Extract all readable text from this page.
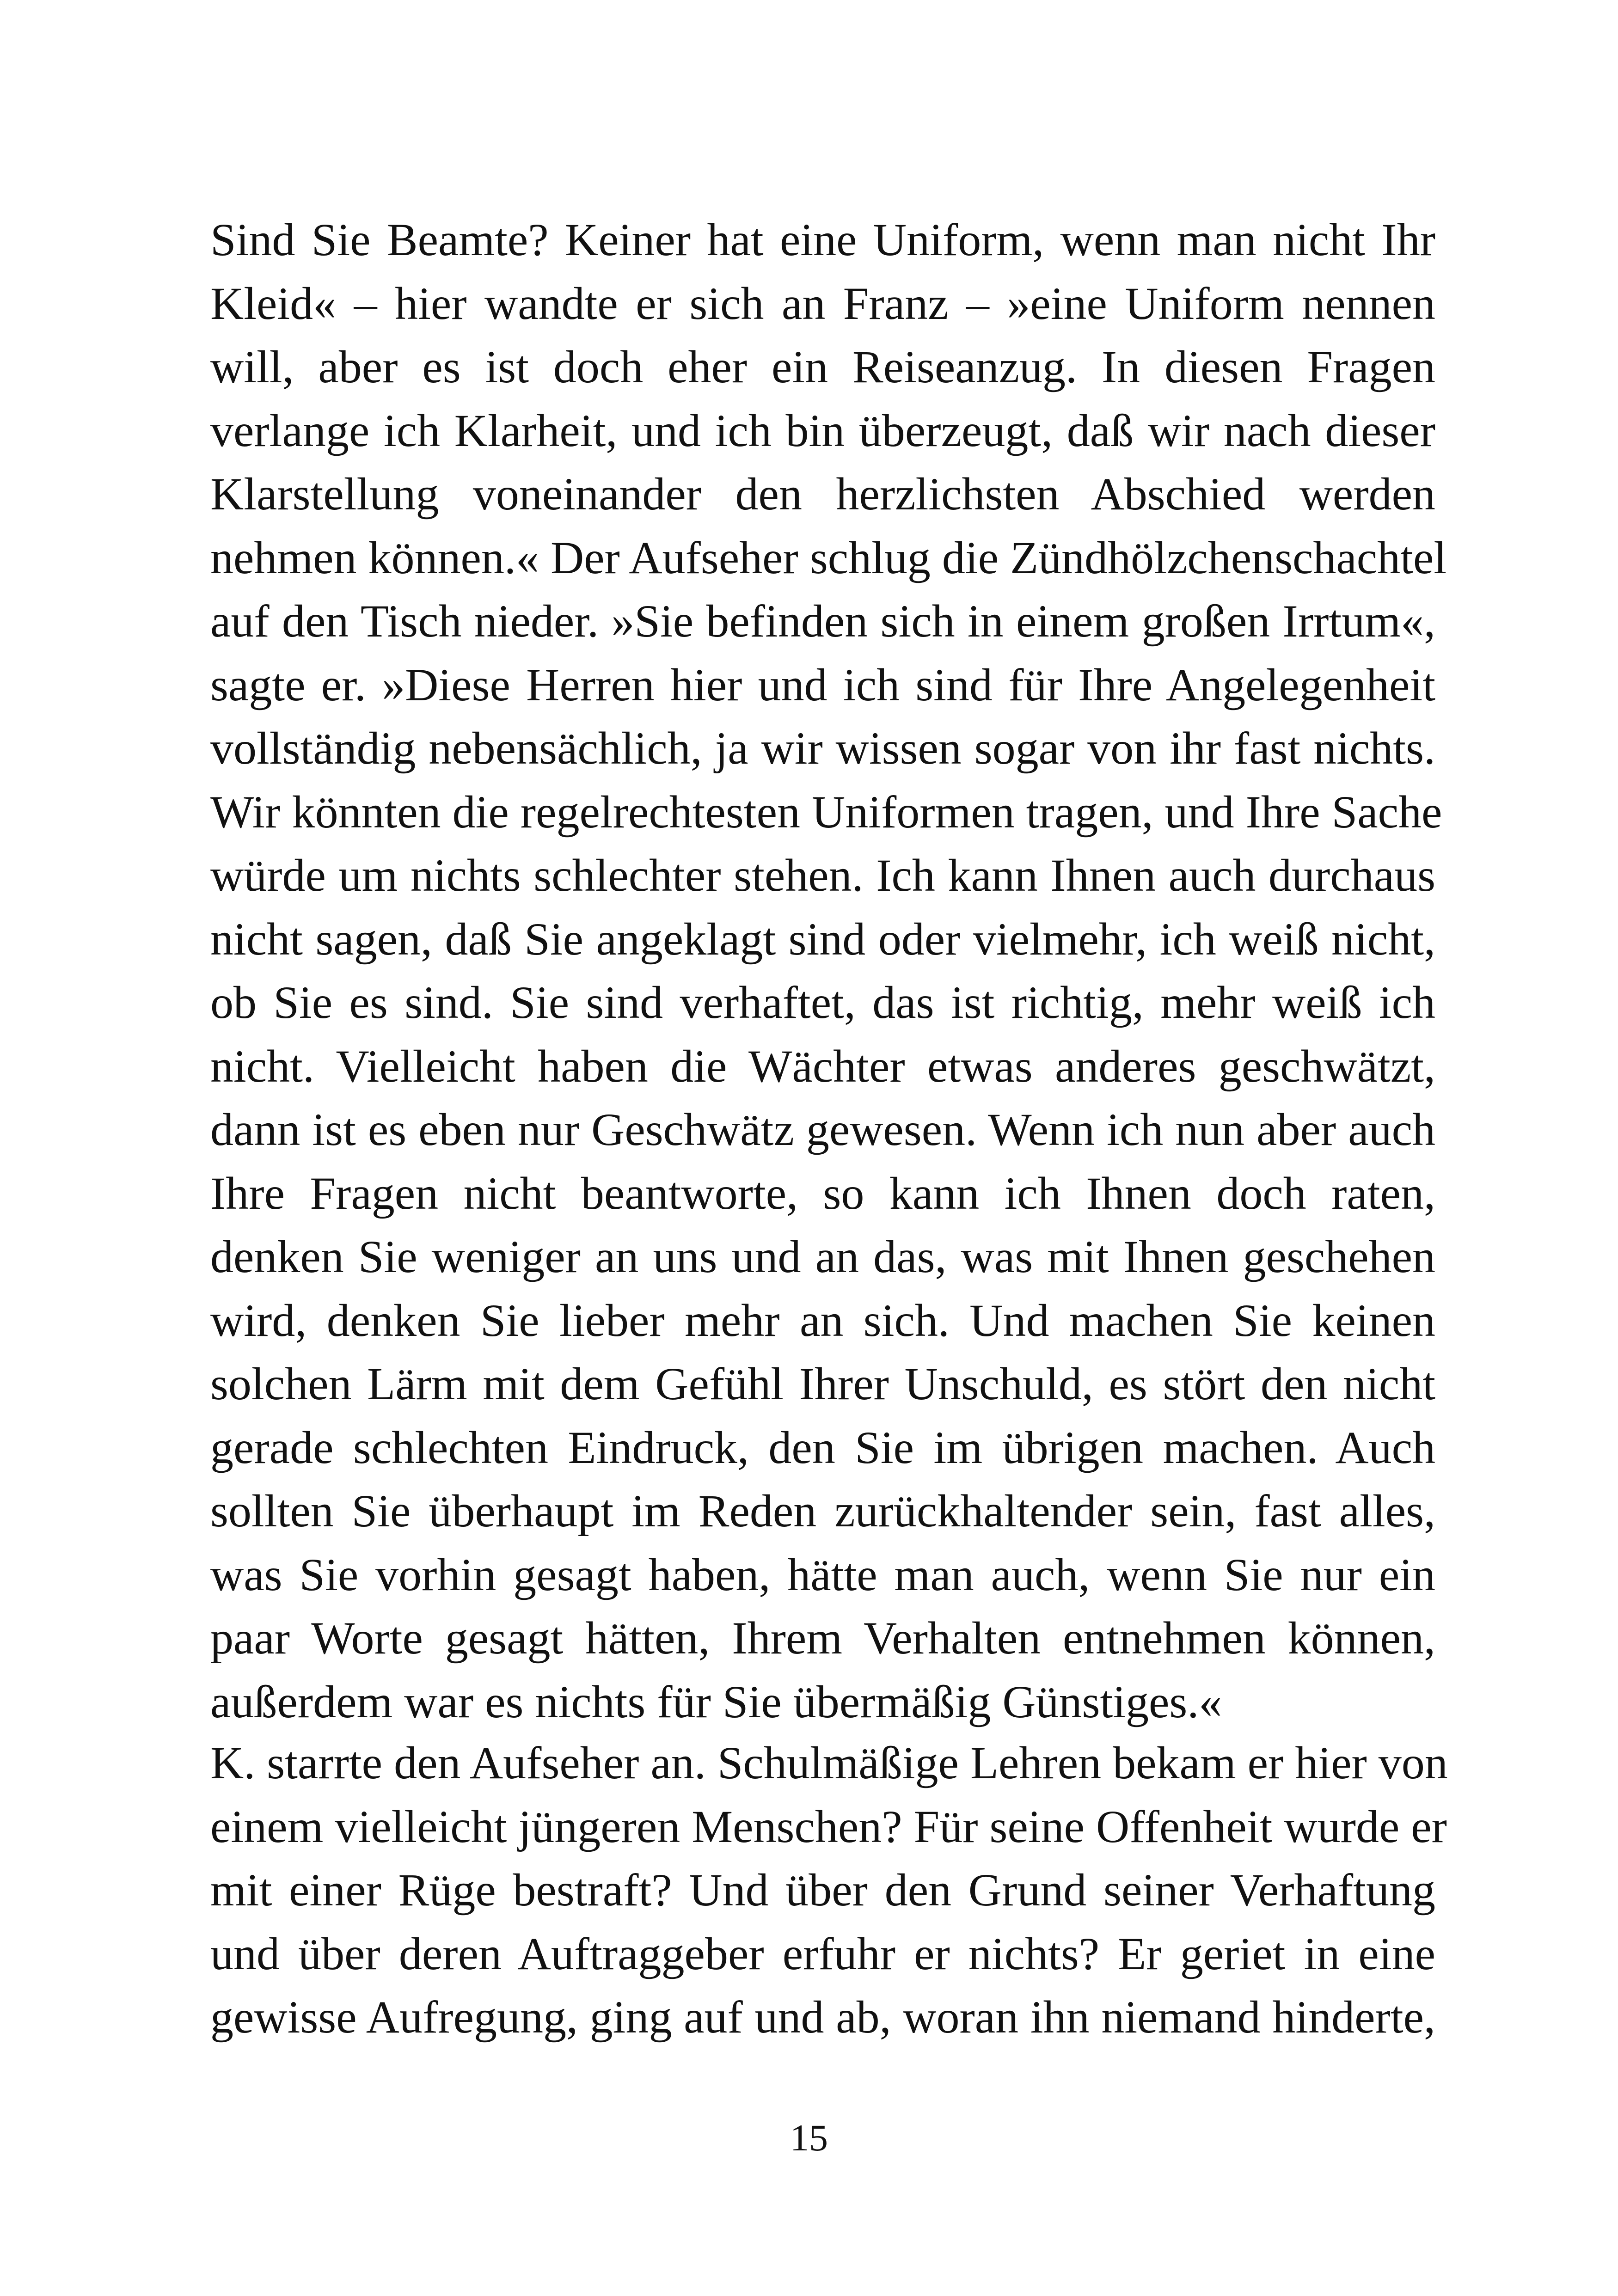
Sind Sie Beamte? Keiner hat eine Uniform, wenn man nicht Ihr
Kleid« – hier wandte er sich an Franz – »eine Uniform nennen
will, aber es ist doch eher ein Reiseanzug. In diesen Fragen
verlange ich Klarheit, und ich bin überzeugt, daß wir nach dieser
Klarstellung voneinander den herzlichsten Abschied werden
nehmen können.« Der Aufseher schlug die Zündhölzchenschachtel
auf den Tisch nieder. »Sie befinden sich in einem großen Irrtum«,
sagte er. »Diese Herren hier und ich sind für Ihre Angelegenheit
vollständig nebensächlich, ja wir wissen sogar von ihr fast nichts.
Wir könnten die regelrechtesten Uniformen tragen, und Ihre Sache
würde um nichts schlechter stehen. Ich kann Ihnen auch durchaus
nicht sagen, daß Sie angeklagt sind oder vielmehr, ich weiß nicht,
ob Sie es sind. Sie sind verhaftet, das ist richtig, mehr weiß ich
nicht. Vielleicht haben die Wächter etwas anderes geschwätzt,
dann ist es eben nur Geschwätz gewesen. Wenn ich nun aber auch
Ihre Fragen nicht beantworte, so kann ich Ihnen doch raten,
denken Sie weniger an uns und an das, was mit Ihnen geschehen
wird, denken Sie lieber mehr an sich. Und machen Sie keinen
solchen Lärm mit dem Gefühl Ihrer Unschuld, es stört den nicht
gerade schlechten Eindruck, den Sie im übrigen machen. Auch
sollten Sie überhaupt im Reden zurückhaltender sein, fast alles,
was Sie vorhin gesagt haben, hätte man auch, wenn Sie nur ein
paar Worte gesagt hätten, Ihrem Verhalten entnehmen können,
außerdem war es nichts für Sie übermäßig Günstiges.«
K. starrte den Aufseher an. Schulmäßige Lehren bekam er hier von
einem vielleicht jüngeren Menschen? Für seine Offenheit wurde er
mit einer Rüge bestraft? Und über den Grund seiner Verhaftung
und über deren Auftraggeber erfuhr er nichts? Er geriet in eine
gewisse Aufregung, ging auf und ab, woran ihn niemand hinderte,
15
